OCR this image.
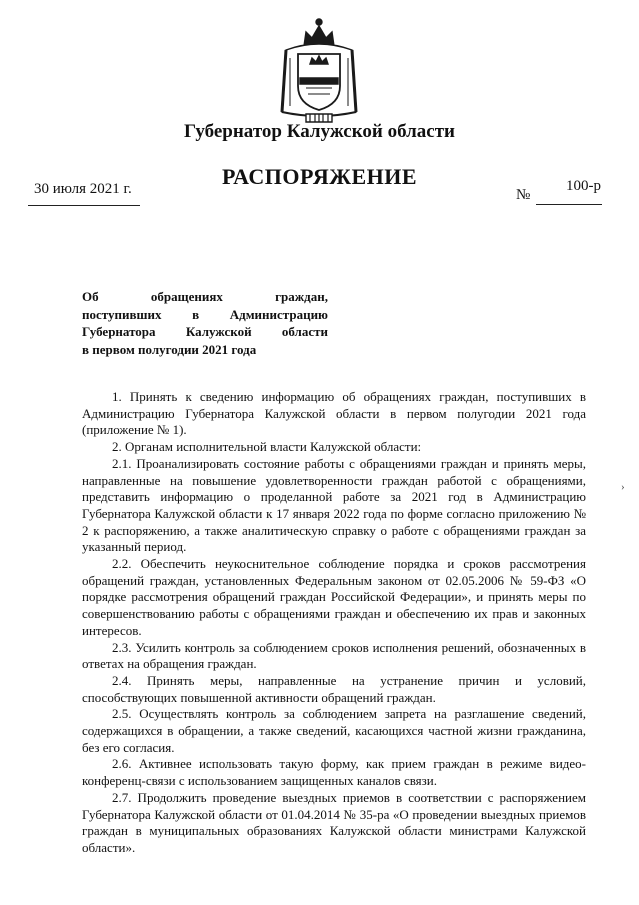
Губернатор Калужской области
РАСПОРЯЖЕНИЕ
30 июля 2021 г.	№
100-р
Об обращениях граждан,
поступивших в Администрацию
Губернатора Калужской области
в первом полугодии 2021 года

1. Принять к сведению информацию об обращениях граждан, поступивших в Администрацию Губернатора Калужской области в первом полугодии 2021 года (приложение № 1).

2. Органам исполнительной власти Калужской области:

2.1. Проанализировать состояние работы с обращениями граждан и принять меры, направленные на повышение удовлетворенности граждан работой с обращениями, представить информацию о проделанной работе за 2021 год в Администрацию Губернатора Калужской области к 17 января 2022 года по форме согласно приложению № 2 к распоряжению, а также аналитическую справку о работе с обращениями граждан за указанный период.

2.2. Обеспечить неукоснительное соблюдение порядка и сроков рассмотрения обращений граждан, установленных Федеральным законом от 02.05.2006 № 59-ФЗ «О порядке рассмотрения обращений граждан Российской Федерации», и принять меры по совершенствованию работы с обращениями граждан и обеспечению их прав и законных интересов.

2.3. Усилить контроль за соблюдением сроков исполнения решений, обозначенных в ответах на обращения граждан.

2.4. Принять меры, направленные на устранение причин и условий, способствующих повышенной активности обращений граждан.

2.5. Осуществлять контроль за соблюдением запрета на разглашение сведений, содержащихся в обращении, а также сведений, касающихся частной жизни гражданина, без его согласия.

2.6. Активнее использовать такую форму, как прием граждан в режиме видео-конференц-связи с использованием защищенных каналов связи.

2.7. Продолжить проведение выездных приемов в соответствии с распоряжением Губернатора Калужской области от 01.04.2014 № 35-ра «О проведении выездных приемов граждан в муниципальных образованиях Калужской области министрами Калужской области».

›
